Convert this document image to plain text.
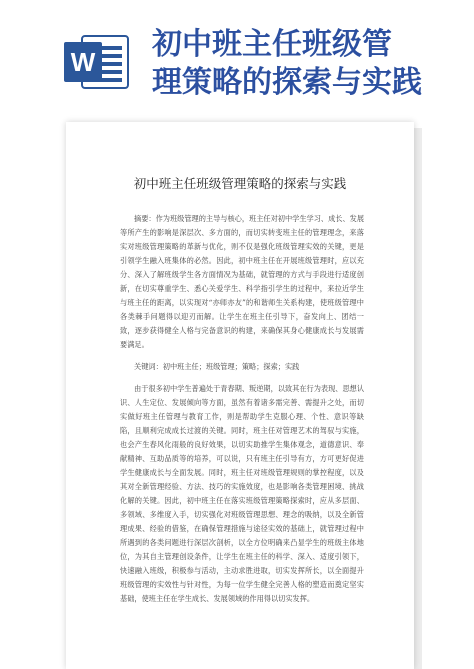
W 初中班主任班级管
理策略的探索与实践
初中班主任班级管理策略的探索与实践

摘要：作为班级管理的主导与核心，班主任对初中学生学习、成长、发展等所产生的影响是深层次、多方面的，而切实转变班主任的管理理念，来落实对班级管理策略的革新与优化，则不仅是强化班级管理实效的关键，更是引领学生融入班集体的必然。因此，初中班主任在开展班级管理时，应以充分、深入了解班级学生各方面情况为基础，就管理的方式与手段进行适度创新，在切实尊重学生、悉心关爱学生、科学指引学生的过程中，来拉近学生与班主任的距离，以实现对“亦师亦友”的和谐师生关系构建，使班级管理中各类棘手问题得以迎刃而解。让学生在班主任引导下，奋发向上、团结一致，逐步获得健全人格与完备意识的构建，来确保其身心健康成长与发展需要满足。

关键词：初中班主任；班级管理；策略；探索；实践

由于很多初中学生普遍处于青春期、叛逆期，以致其在行为表现、思想认识、人生定位、发展倾向等方面，虽然有着诸多需完善、需提升之处，而切实做好班主任管理与教育工作，则是帮助学生克服心理、个性、意识等缺陷，且顺利完成成长过渡的关键。同时，班主任对管理艺术的驾驭与实施，也会产生春风化雨般的良好效果，以切实助推学生集体观念，道德意识、奉献精神、互助品质等的培养，可以说，只有班主任引导有方，方可更好促进学生健康成长与全面发展。同时，班主任对班级管理规则的掌控程度，以及其对全新管理经验、方法、技巧的实施效度，也是影响各类管理困境、挑战化解的关键。因此，初中班主任在落实班级管理策略探索时，应从多层面、多领域、多维度入手，切实强化对班级管理思想、理念的吸纳，以及全新管理成果、经验的借鉴，在确保管理措施与途径实效的基础上，就管理过程中所遇到的各类问题进行深层次剖析，以全方位明确来凸显学生的班级主体地位，为其自主管理创设条件，让学生在班主任的科学、深入、适度引领下，快速融入班级，积极参与活动，主动求胜进取，切实发挥所长，以全面提升班级管理的实效性与针对性，为每一位学生健全完善人格的塑造而奠定坚实基础，使班主任在学生成长、发展领域的作用得以切实发挥。
